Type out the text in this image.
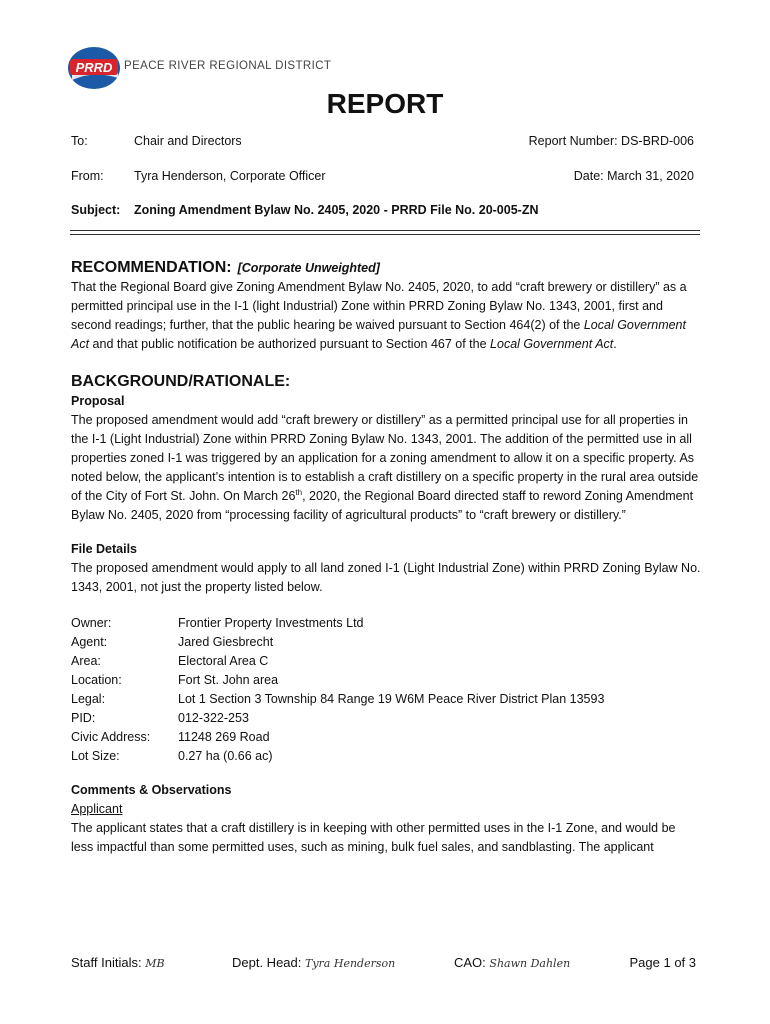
PRRD PEACE RIVER REGIONAL DISTRICT
REPORT
To:	Chair and Directors	Report Number: DS-BRD-006
From: Tyra Henderson, Corporate Officer	Date: March 31, 2020
Subject: Zoning Amendment Bylaw No. 2405, 2020 - PRRD File No. 20-005-ZN
RECOMMENDATION: [Corporate Unweighted]

That the Regional Board give Zoning Amendment Bylaw No. 2405, 2020, to add “craft brewery or distillery” as a permitted principal use in the I-1 (light Industrial) Zone within PRRD Zoning Bylaw No. 1343, 2001, first and second readings; further, that the public hearing be waived pursuant to Section 464(2) of the Local Government Act and that public notification be authorized pursuant to Section 467 of the Local Government Act.

BACKGROUND/RATIONALE:

Proposal

The proposed amendment would add “craft brewery or distillery” as a permitted principal use for all properties in the I-1 (Light Industrial) Zone within PRRD Zoning Bylaw No. 1343, 2001. The addition of the permitted use in all properties zoned I-1 was triggered by an application for a zoning amendment to allow it on a specific property. As noted below, the applicant’s intention is to establish a craft distillery on a specific property in the rural area outside of the City of Fort St. John. On March 26th, 2020, the Regional Board directed staff to reword Zoning Amendment Bylaw No. 2405, 2020 from “processing facility of agricultural products” to “craft brewery or distillery.”

File Details

The proposed amendment would apply to all land zoned I-1 (Light Industrial Zone) within PRRD Zoning Bylaw No. 1343, 2001, not just the property listed below.

Owner:	Frontier Property Investments Ltd
Agent:	Jared Giesbrecht
Area:	Electoral Area C
Location:	Fort St. John area
Legal:	Lot 1 Section 3 Township 84 Range 19 W6M Peace River District Plan 13593
PID:	012-322-253
Civic Address:	11248 269 Road
Lot Size:	0.27 ha (0.66 ac)

Comments & Observations

Applicant

The applicant states that a craft distillery is in keeping with other permitted uses in the I-1 Zone, and would be less impactful than some permitted uses, such as mining, bulk fuel sales, and sandblasting. The applicant

Staff Initials: MB	Dept. Head: Tyra Henderson	CAO: Shawn Dahlen	Page 1 of 3
